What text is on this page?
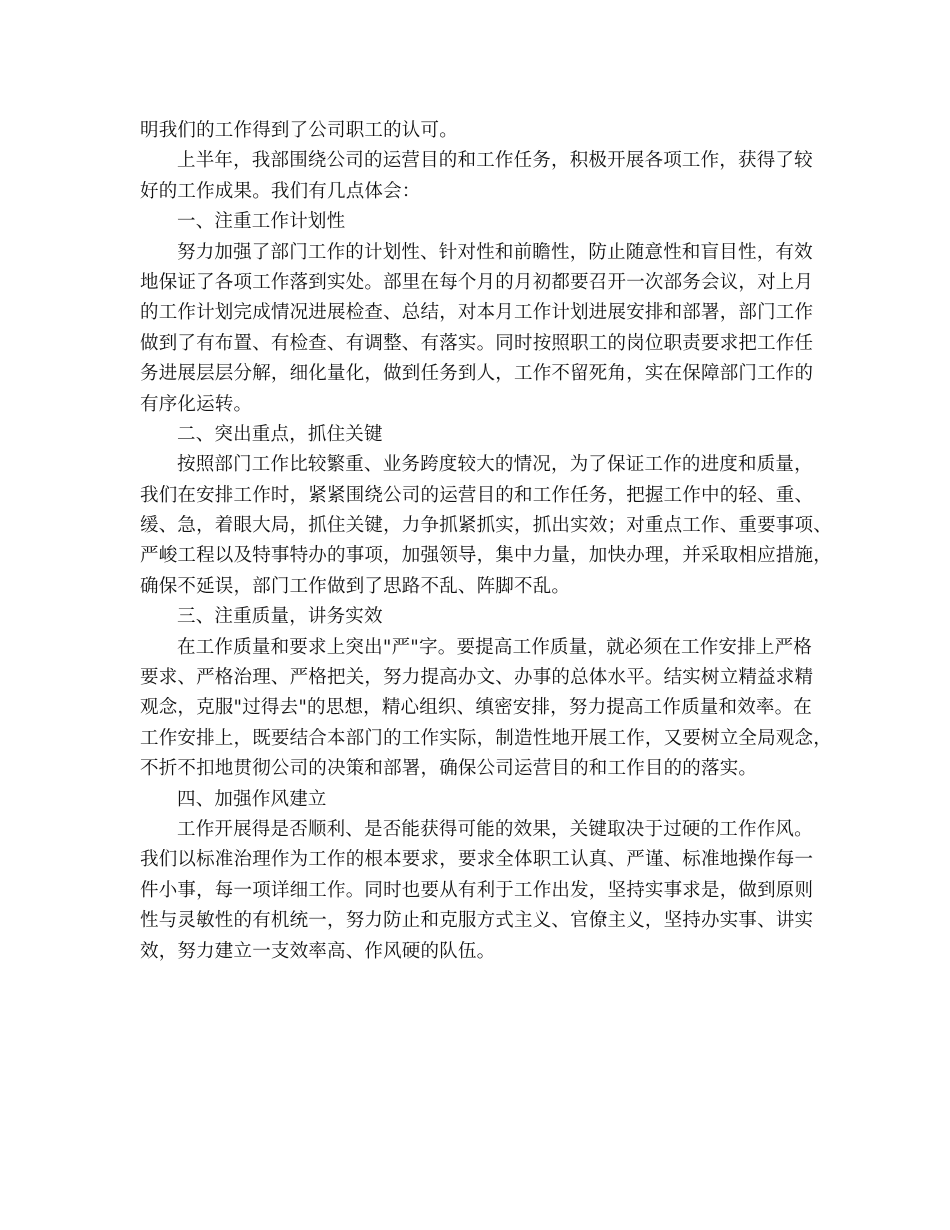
明我们的工作得到了公司职工的认可。
上半年，我部围绕公司的运营目的和工作任务，积极开展各项工作，获得了较
好的工作成果。我们有几点体会：
一、注重工作计划性
努力加强了部门工作的计划性、针对性和前瞻性，防止随意性和盲目性，有效
地保证了各项工作落到实处。部里在每个月的月初都要召开一次部务会议，对上月
的工作计划完成情况进展检查、总结，对本月工作计划进展安排和部署，部门工作
做到了有布置、有检查、有调整、有落实。同时按照职工的岗位职责要求把工作任
务进展层层分解，细化量化，做到任务到人，工作不留死角，实在保障部门工作的
有序化运转。
二、突出重点，抓住关键
按照部门工作比较繁重、业务跨度较大的情况，为了保证工作的进度和质量，
我们在安排工作时，紧紧围绕公司的运营目的和工作任务，把握工作中的轻、重、
缓、急，着眼大局，抓住关键，力争抓紧抓实，抓出实效；对重点工作、重要事项、
严峻工程以及特事特办的事项，加强领导，集中力量，加快办理，并采取相应措施，
确保不延误，部门工作做到了思路不乱、阵脚不乱。
三、注重质量，讲务实效
在工作质量和要求上突出"严"字。要提高工作质量，就必须在工作安排上严格
要求、严格治理、严格把关，努力提高办文、办事的总体水平。结实树立精益求精
观念，克服"过得去"的思想，精心组织、缜密安排，努力提高工作质量和效率。在
工作安排上，既要结合本部门的工作实际，制造性地开展工作，又要树立全局观念，
不折不扣地贯彻公司的决策和部署，确保公司运营目的和工作目的的落实。
四、加强作风建立
工作开展得是否顺利、是否能获得可能的效果，关键取决于过硬的工作作风。
我们以标准治理作为工作的根本要求，要求全体职工认真、严谨、标准地操作每一
件小事，每一项详细工作。同时也要从有利于工作出发，坚持实事求是，做到原则
性与灵敏性的有机统一，努力防止和克服方式主义、官僚主义，坚持办实事、讲实
效，努力建立一支效率高、作风硬的队伍。
